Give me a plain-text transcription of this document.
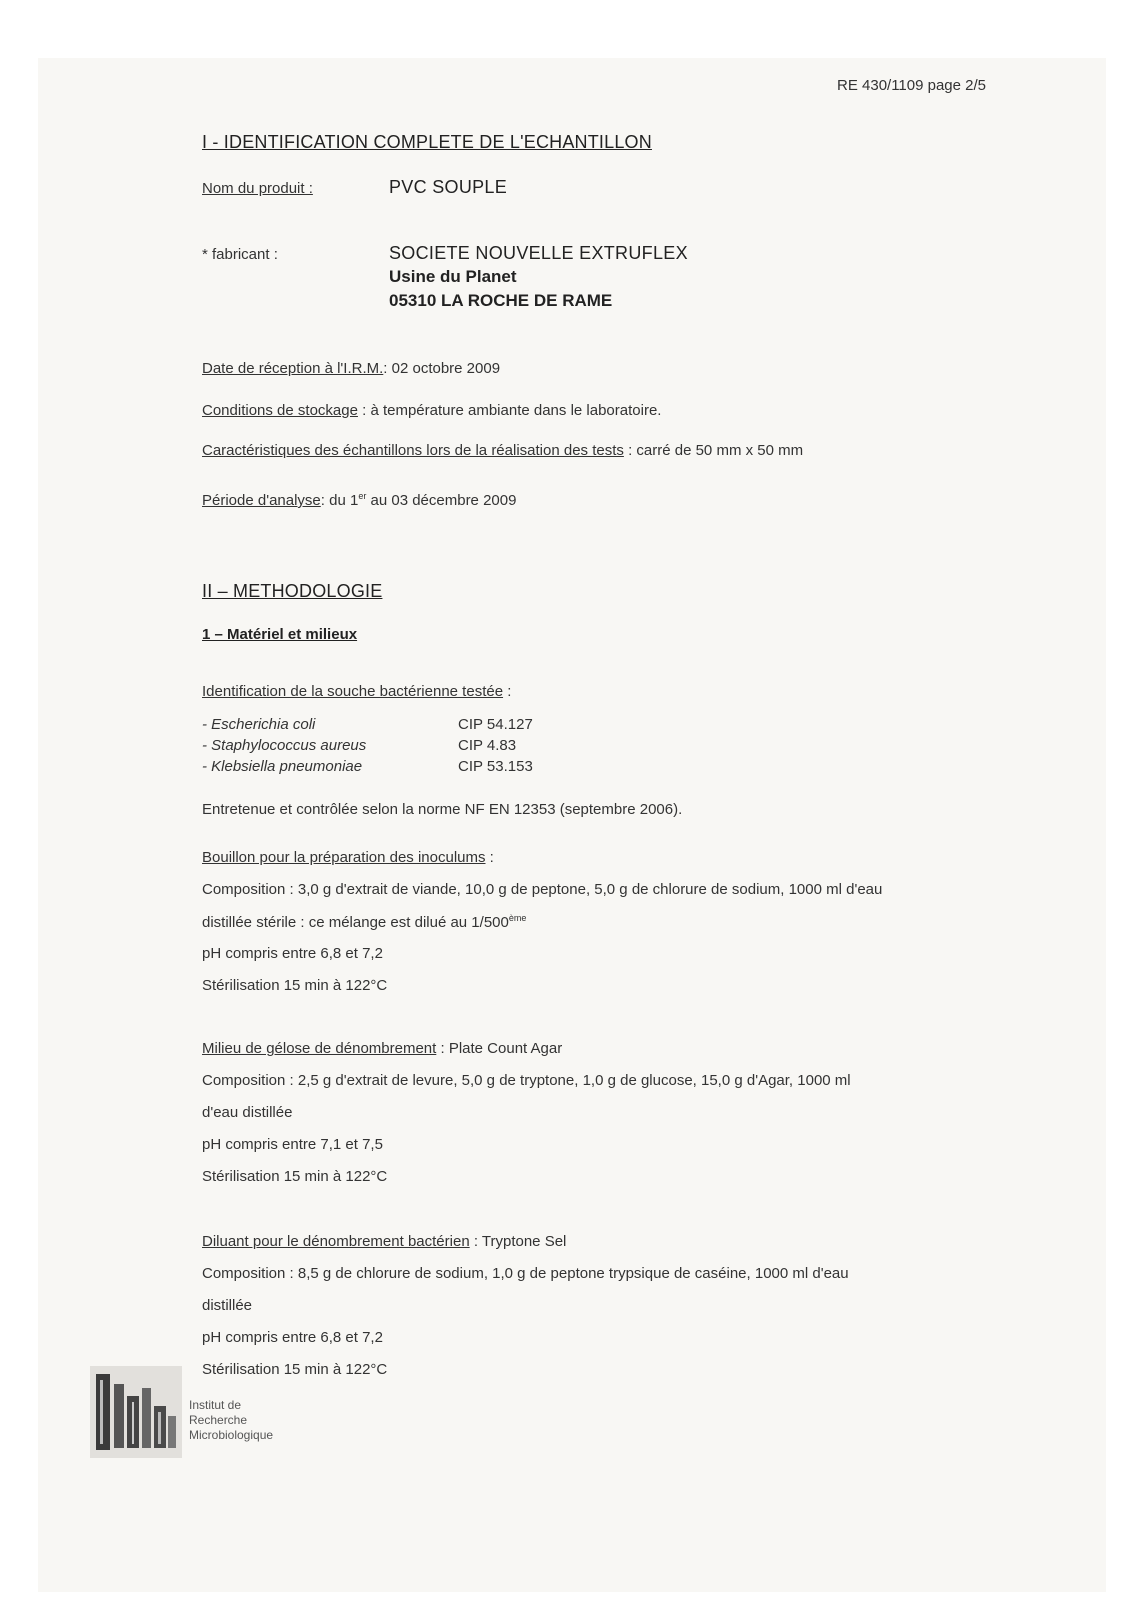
RE 430/1109 page 2/5
I - IDENTIFICATION COMPLETE DE L'ECHANTILLON
Nom du produit :	PVC SOUPLE
* fabricant :	SOCIETE NOUVELLE EXTRUFLEX
Usine du Planet
05310 LA ROCHE DE RAME
Date de réception à l'I.R.M.: 02 octobre 2009
Conditions de stockage : à température ambiante dans le laboratoire.
Caractéristiques des échantillons lors de la réalisation des tests : carré de 50 mm x 50 mm
Période d'analyse: du 1er au 03 décembre 2009
II – METHODOLOGIE
1 – Matériel et milieux
Identification de la souche bactérienne testée :
- Escherichia coli	CIP 54.127
- Staphylococcus aureus	CIP 4.83
- Klebsiella pneumoniae	CIP 53.153
Entretenue et contrôlée selon la norme NF EN 12353 (septembre 2006).
Bouillon pour la préparation des inoculums :
Composition : 3,0 g d'extrait de viande, 10,0 g de peptone, 5,0 g de chlorure de sodium, 1000 ml d'eau
distillée stérile : ce mélange est dilué au 1/500ème
pH compris entre 6,8 et 7,2
Stérilisation 15 min à 122°C
Milieu de gélose de dénombrement : Plate Count Agar
Composition : 2,5 g d'extrait de levure, 5,0 g de tryptone, 1,0 g de glucose, 15,0 g d'Agar, 1000 ml
d'eau distillée
pH compris entre 7,1 et 7,5
Stérilisation 15 min à 122°C
Diluant pour le dénombrement bactérien : Tryptone Sel
Composition : 8,5 g de chlorure de sodium, 1,0 g de peptone trypsique de caséine, 1000 ml d'eau
distillée
pH compris entre 6,8 et 7,2
Stérilisation 15 min à 122°C
Institut de
Recherche
Microbiologique
